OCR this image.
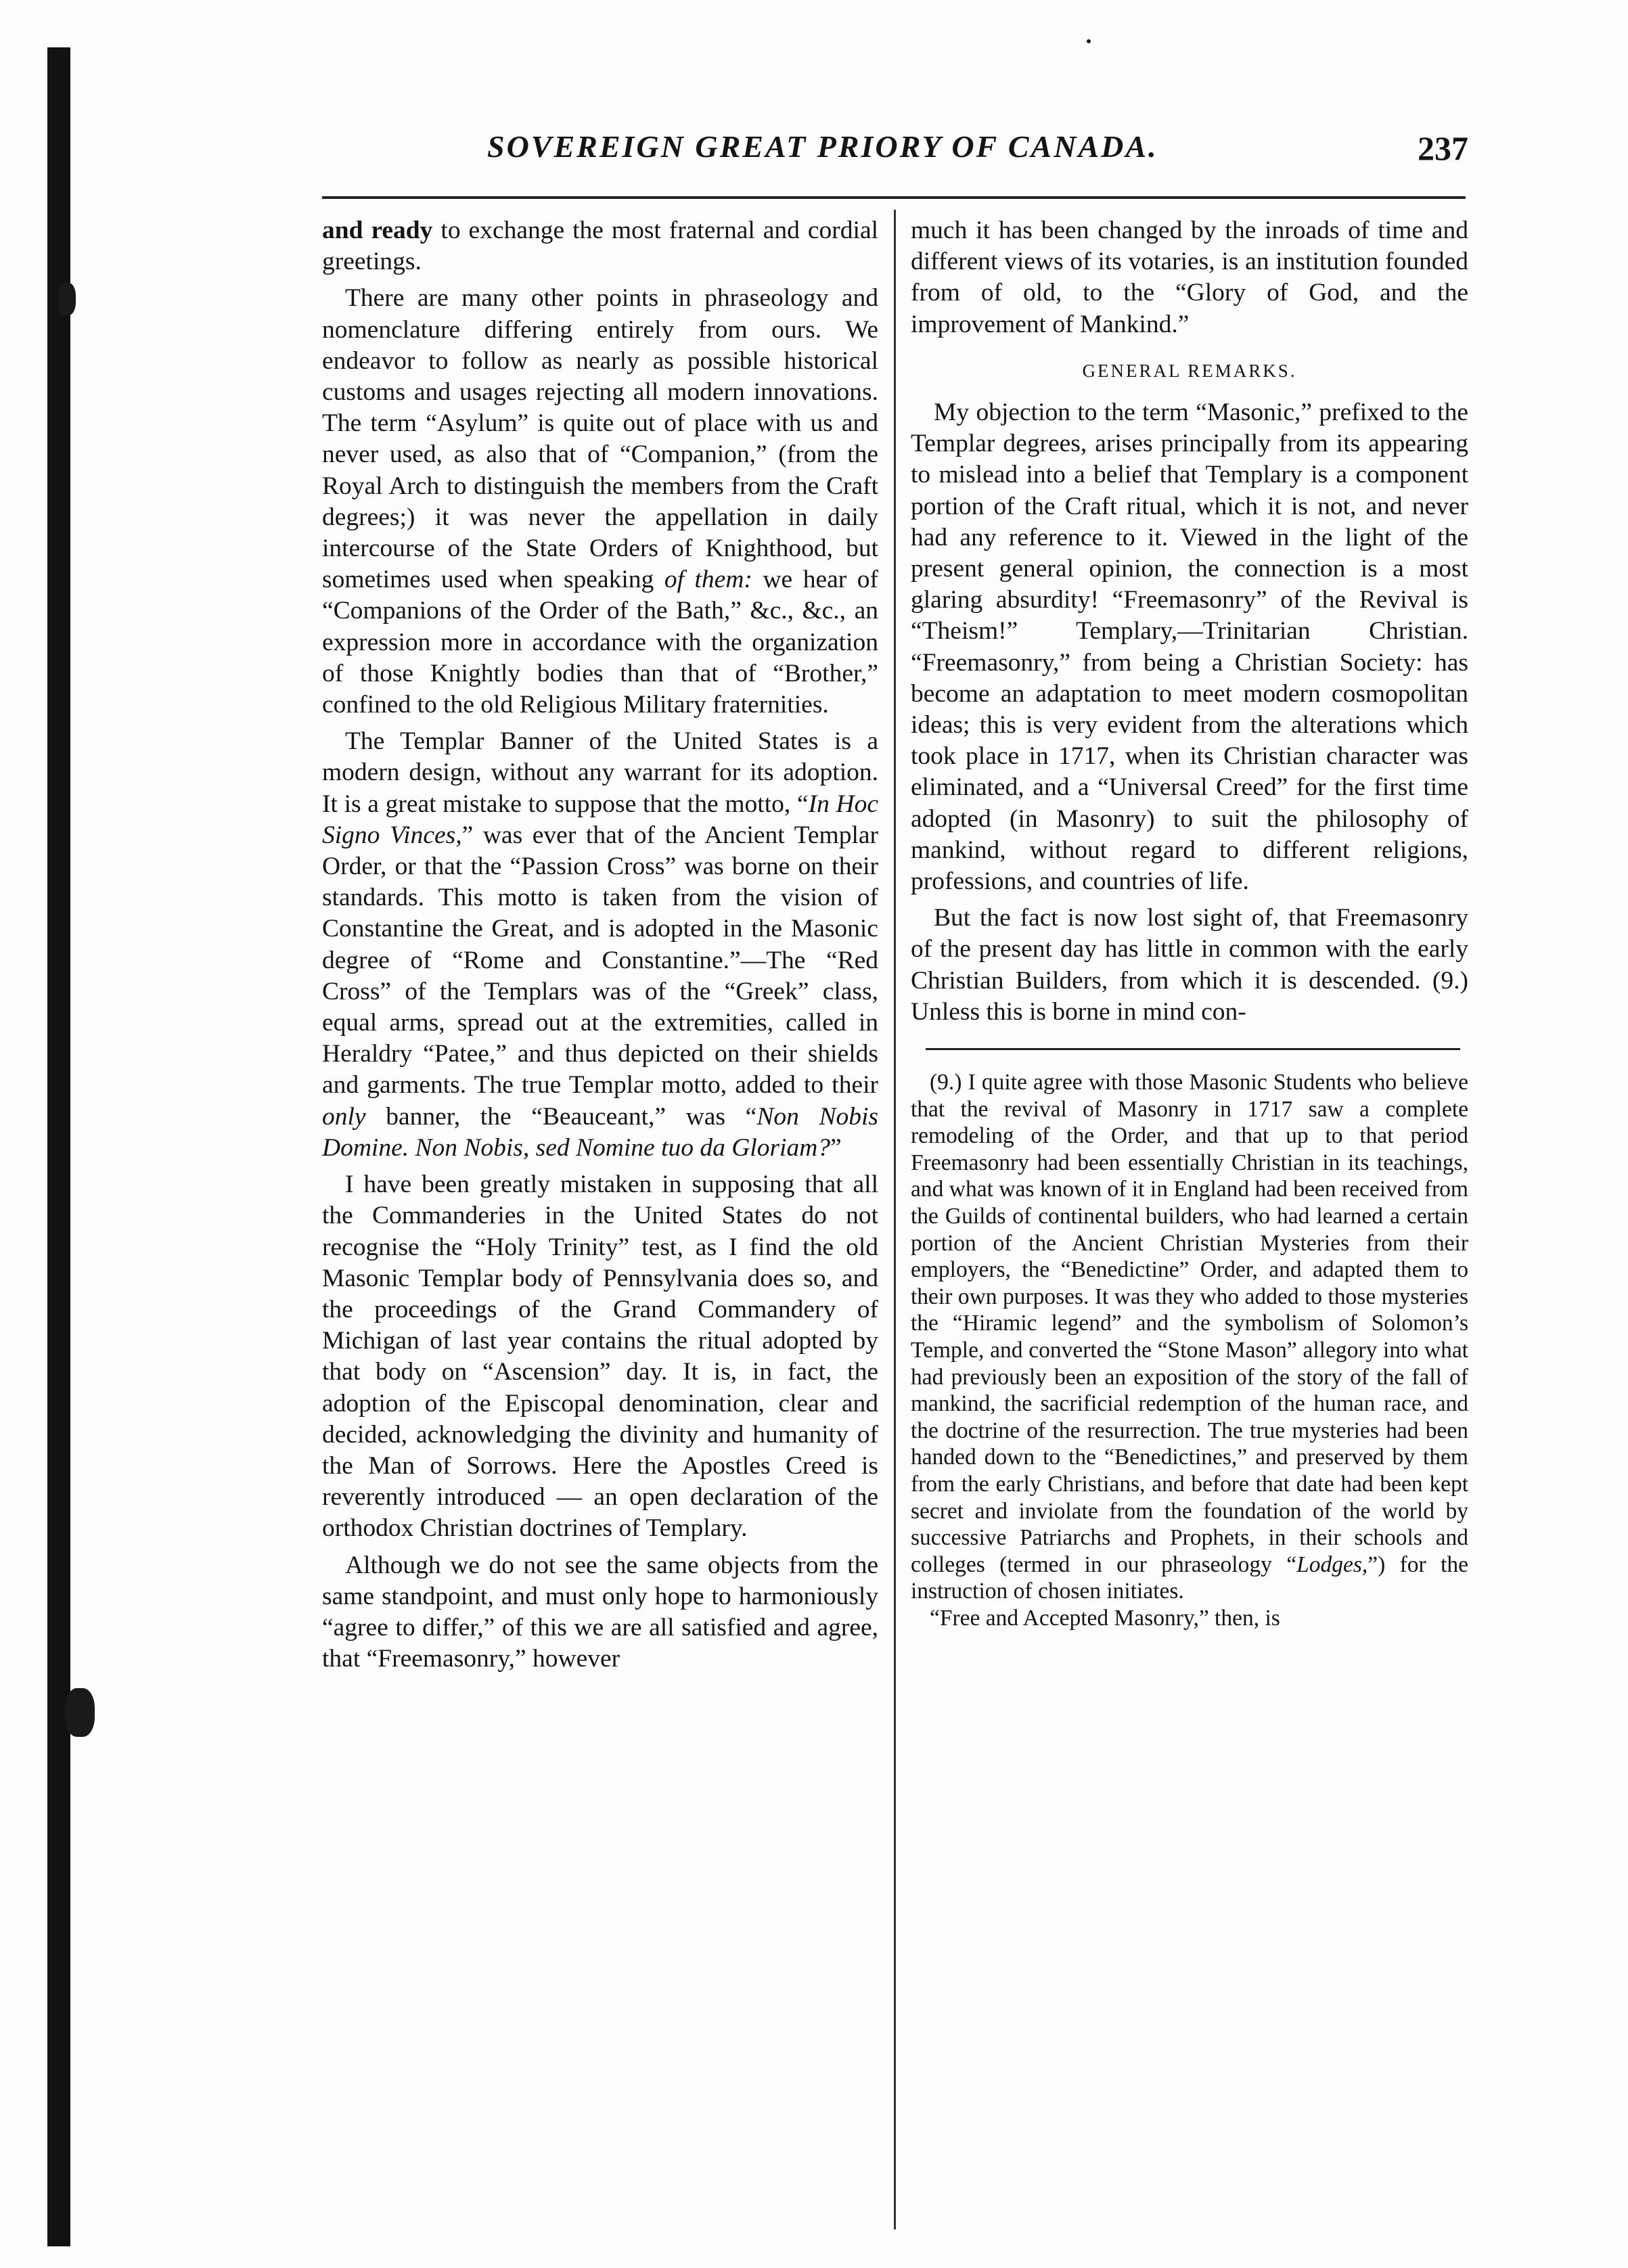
SOVEREIGN GREAT PRIORY OF CANADA.	237

and ready to exchange the most fraternal and cordial greetings.

There are many other points in phraseology and nomenclature differing entirely from ours. We endeavor to follow as nearly as possible historical customs and usages rejecting all modern innovations. The term “Asylum” is quite out of place with us and never used, as also that of “Companion,” (from the Royal Arch to distinguish the members from the Craft degrees;) it was never the appellation in daily intercourse of the State Orders of Knighthood, but sometimes used when speaking of them: we hear of “Companions of the Order of the Bath,” &c., &c., an expression more in accordance with the organization of those Knightly bodies than that of “Brother,” confined to the old Religious Military fraternities.

The Templar Banner of the United States is a modern design, without any warrant for its adoption. It is a great mistake to suppose that the motto, “In Hoc Signo Vinces,” was ever that of the Ancient Templar Order, or that the “Passion Cross” was borne on their standards. This motto is taken from the vision of Constantine the Great, and is adopted in the Masonic degree of “Rome and Constantine.”—The “Red Cross” of the Templars was of the “Greek” class, equal arms, spread out at the extremities, called in Heraldry “Patee,” and thus depicted on their shields and garments. The true Templar motto, added to their only banner, the “Beauceant,” was “Non Nobis Domine. Non Nobis, sed Nomine tuo da Gloriam?”

I have been greatly mistaken in supposing that all the Commanderies in the United States do not recognise the “Holy Trinity” test, as I find the old Masonic Templar body of Pennsylvania does so, and the proceedings of the Grand Commandery of Michigan of last year contains the ritual adopted by that body on “Ascension” day. It is, in fact, the adoption of the Episcopal denomination, clear and decided, acknowledging the divinity and humanity of the Man of Sorrows. Here the Apostles Creed is reverently introduced — an open declaration of the orthodox Christian doctrines of Templary.

Although we do not see the same objects from the same standpoint, and must only hope to harmoniously “agree to differ,” of this we are all satisfied and agree, that “Freemasonry,” however

much it has been changed by the inroads of time and different views of its votaries, is an institution founded from of old, to the “Glory of God, and the improvement of Mankind.”

GENERAL REMARKS.

My objection to the term “Masonic,” prefixed to the Templar degrees, arises principally from its appearing to mislead into a belief that Templary is a component portion of the Craft ritual, which it is not, and never had any reference to it. Viewed in the light of the present general opinion, the connection is a most glaring absurdity! “Freemasonry” of the Revival is “Theism!” Templary,—Trinitarian Christian. “Freemasonry,” from being a Christian Society: has become an adaptation to meet modern cosmopolitan ideas; this is very evident from the alterations which took place in 1717, when its Christian character was eliminated, and a “Universal Creed” for the first time adopted (in Masonry) to suit the philosophy of mankind, without regard to different religions, professions, and countries of life.

But the fact is now lost sight of, that Freemasonry of the present day has little in common with the early Christian Builders, from which it is descended. (9.) Unless this is borne in mind con-

(9.) I quite agree with those Masonic Students who believe that the revival of Masonry in 1717 saw a complete remodeling of the Order, and that up to that period Freemasonry had been essentially Christian in its teachings, and what was known of it in England had been received from the Guilds of continental builders, who had learned a certain portion of the Ancient Christian Mysteries from their employers, the “Benedictine” Order, and adapted them to their own purposes. It was they who added to those mysteries the “Hiramic legend” and the symbolism of Solomon’s Temple, and converted the “Stone Mason” allegory into what had previously been an exposition of the story of the fall of mankind, the sacrificial redemption of the human race, and the doctrine of the resurrection. The true mysteries had been handed down to the “Benedictines,” and preserved by them from the early Christians, and before that date had been kept secret and inviolate from the foundation of the world by successive Patriarchs and Prophets, in their schools and colleges (termed in our phraseology “Lodges,”) for the instruction of chosen initiates.

“Free and Accepted Masonry,” then, is
